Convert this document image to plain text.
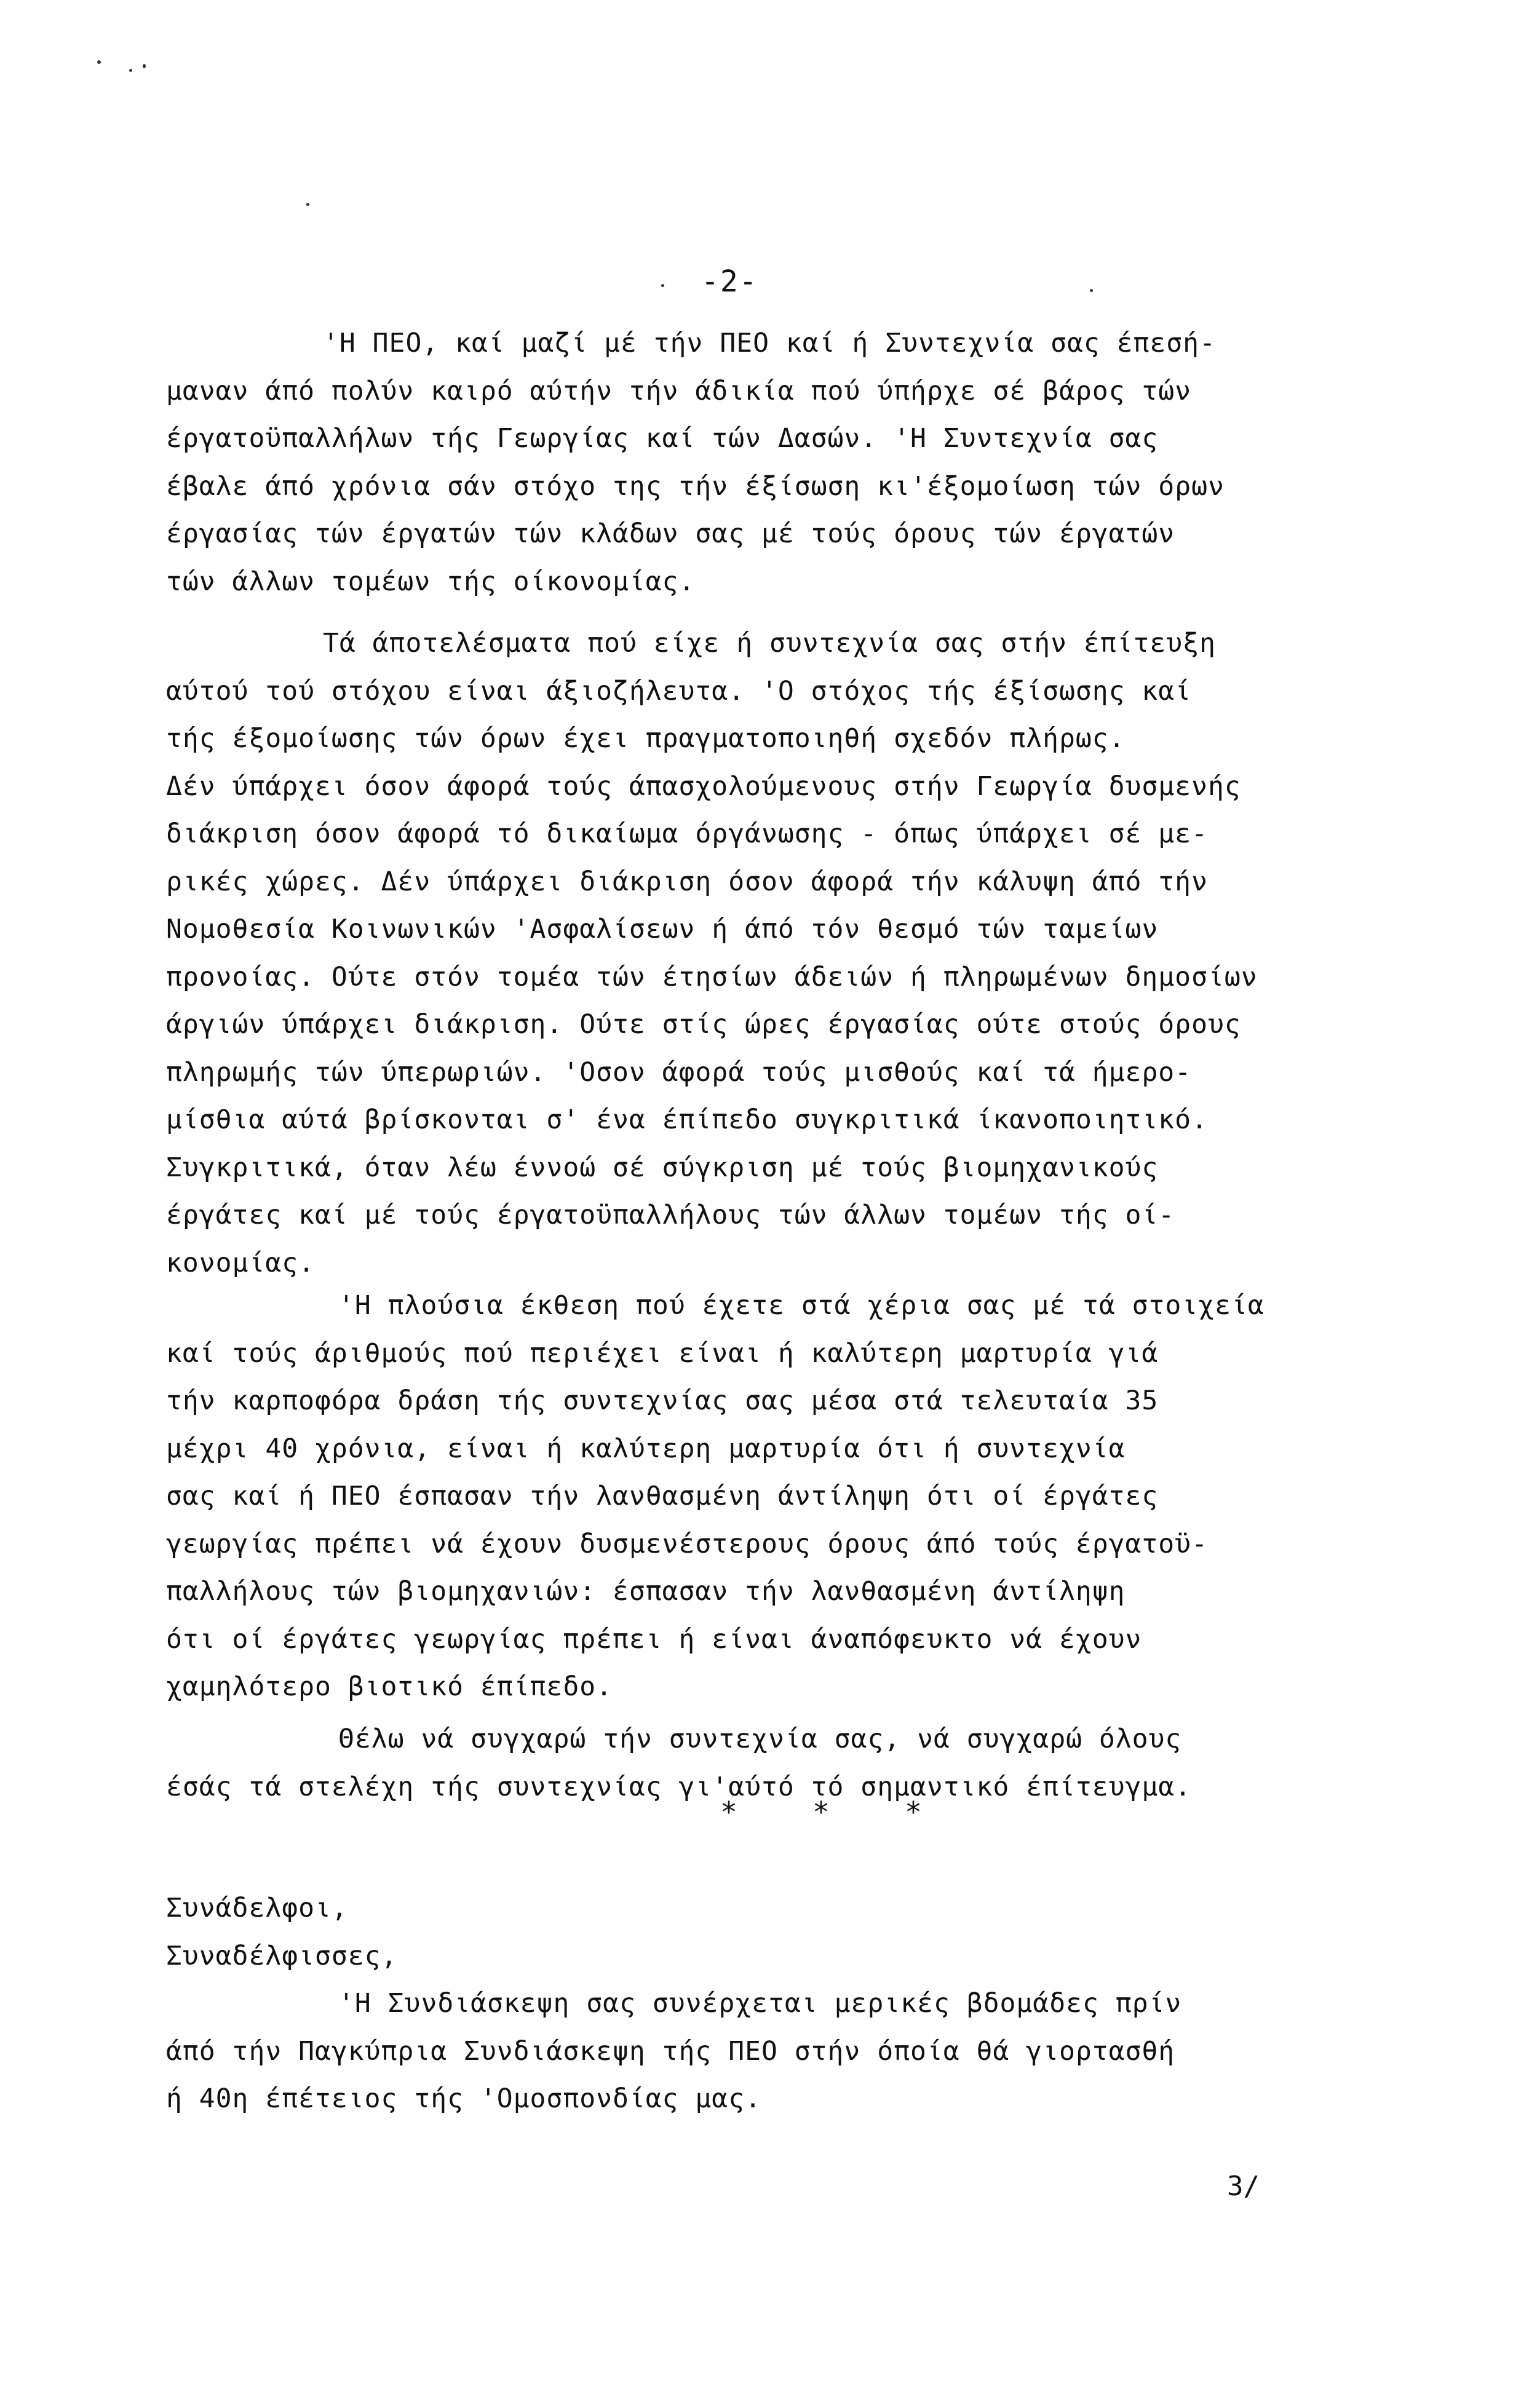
-2-
'Η ΠΕΟ, καί μαζί μέ τήν ΠΕΟ καί ή Συντεχνία σας έπεσή-
μαναν άπό πολύν καιρό αύτήν τήν άδικία πού ύπήρχε σέ βάρος τών
έργατοϋπαλλήλων τής Γεωργίας καί τών Δασών. 'Η Συντεχνία σας
έβαλε άπό χρόνια σάν στόχο της τήν έξίσωση κι'έξομοίωση τών όρων
έργασίας τών έργατών τών κλάδων σας μέ τούς όρους τών έργατών
τών άλλων τομέων τής οίκονομίας.
Τά άποτελέσματα πού είχε ή συντεχνία σας στήν έπίτευξη
αύτού τού στόχου είναι άξιοζήλευτα. 'Ο στόχος τής έξίσωσης καί
τής έξομοίωσης τών όρων έχει πραγματοποιηθή σχεδόν πλήρως.
Δέν ύπάρχει όσον άφορά τούς άπασχολούμενους στήν Γεωργία δυσμενής
διάκριση όσον άφορά τό δικαίωμα όργάνωσης - όπως ύπάρχει σέ με-
ρικές χώρες. Δέν ύπάρχει διάκριση όσον άφορά τήν κάλυψη άπό τήν
Νομοθεσία Κοινωνικών 'Ασφαλίσεων ή άπό τόν θεσμό τών ταμείων
προνοίας. Ούτε στόν τομέα τών έτησίων άδειών ή πληρωμένων δημοσίων
άργιών ύπάρχει διάκριση. Ούτε στίς ώρες έργασίας ούτε στούς όρους
πληρωμής τών ύπερωριών. 'Οσον άφορά τούς μισθούς καί τά ήμερο-
μίσθια αύτά βρίσκονται σ' ένα έπίπεδο συγκριτικά ίκανοποιητικό.
Συγκριτικά, όταν λέω έννοώ σέ σύγκριση μέ τούς βιομηχανικούς
έργάτες καί μέ τούς έργατοϋπαλλήλους τών άλλων τομέων τής οί-
κονομίας.
'Η πλούσια έκθεση πού έχετε στά χέρια σας μέ τά στοιχεία
καί τούς άριθμούς πού περιέχει είναι ή καλύτερη μαρτυρία γιά
τήν καρποφόρα δράση τής συντεχνίας σας μέσα στά τελευταία 35
μέχρι 40 χρόνια, είναι ή καλύτερη μαρτυρία ότι ή συντεχνία
σας καί ή ΠΕΟ έσπασαν τήν λανθασμένη άντίληψη ότι οί έργάτες
γεωργίας πρέπει νά έχουν δυσμενέστερους όρους άπό τούς έργατοϋ-
παλλήλους τών βιομηχανιών: έσπασαν τήν λανθασμένη άντίληψη
ότι οί έργάτες γεωργίας πρέπει ή είναι άναπόφευκτο νά έχουν
χαμηλότερο βιοτικό έπίπεδο.
Θέλω νά συγχαρώ τήν συντεχνία σας, νά συγχαρώ όλους
έσάς τά στελέχη τής συντεχνίας γι'αύτό τό σημαντικό έπίτευγμα.
*	*	*
Συνάδελφοι,
Συναδέλφισσες,
'Η Συνδιάσκεψη σας συνέρχεται μερικές βδομάδες πρίν
άπό τήν Παγκύπρια Συνδιάσκεψη τής ΠΕΟ στήν όποία θά γιορτασθή
ή 40η έπέτειος τής 'Ομοσπονδίας μας.
3/
